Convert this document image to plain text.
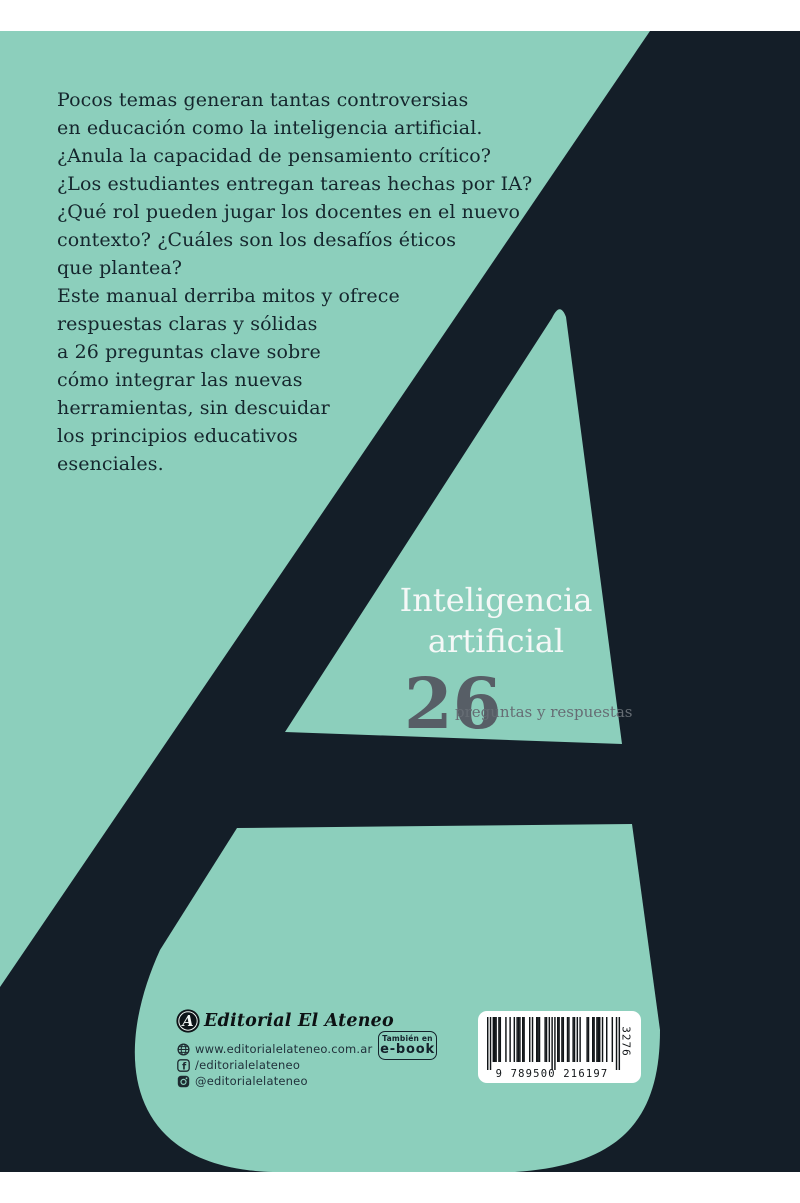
Pocos temas generan tantas controversias
en educación como la inteligencia artificial.
¿Anula la capacidad de pensamiento crítico?
¿Los estudiantes entregan tareas hechas por IA?
¿Qué rol pueden jugar los docentes en el nuevo
contexto? ¿Cuáles son los desafíos éticos
que plantea?
Este manual derriba mitos y ofrece
respuestas claras y sólidas
a 26 preguntas clave sobre
cómo integrar las nuevas
herramientas, sin descuidar
los principios educativos
esenciales.
Inteligencia
artificial
26
preguntas y respuestas
A Editorial El Ateneo
www.editorialelateneo.com.ar
f /editorialelateneo
@editorialelateneo
También en
e-book
9 789500 216197
3276
